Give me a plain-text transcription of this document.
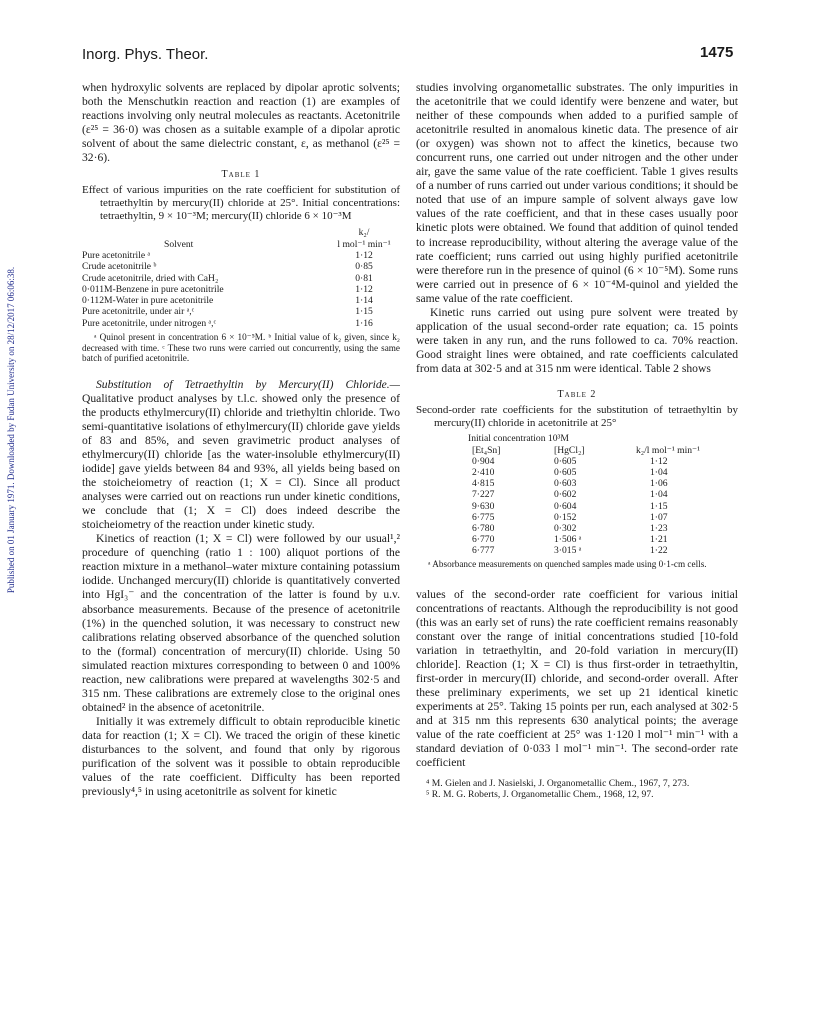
Published on 01 January 1971. Downloaded by Fudan University on 28/12/2017 06:06:38.
Inorg. Phys. Theor.	1475

when hydroxylic solvents are replaced by dipolar aprotic solvents; both the Menschutkin reaction and reaction (1) are examples of reactions involving only neutral molecules as reactants. Acetonitrile (ε²⁵ = 36·0) was chosen as a suitable example of a dipolar aprotic solvent of about the same dielectric constant, ε, as methanol (ε²⁵ = 32·6).

Table 1
Effect of various impurities on the rate coefficient for substitution of tetraethyltin by mercury(II) chloride at 25°. Initial concentrations: tetraethyltin, 9 × 10⁻³M; mercury(II) chloride 6 × 10⁻³M
	k₂/
Solvent	l mol⁻¹ min⁻¹
Pure acetonitrile ᵃ	1·12
Crude acetonitrile ᵇ	0·85
Crude acetonitrile, dried with CaH₂	0·81
0·011M-Benzene in pure acetonitrile	1·12
0·112M-Water in pure acetonitrile	1·14
Pure acetonitrile, under air ᵃ,ᶜ	1·15
Pure acetonitrile, under nitrogen ᵃ,ᶜ	1·16
ᵃ Quinol present in concentration 6 × 10⁻⁵M. ᵇ Initial value of k₂ given, since k₂ decreased with time. ᶜ These two runs were carried out concurrently, using the same batch of purified acetonitrile.

Substitution of Tetraethyltin by Mercury(II) Chloride.— Qualitative product analyses by t.l.c. showed only the presence of the products ethylmercury(II) chloride and triethyltin chloride. Two semi-quantitative isolations of ethylmercury(II) chloride gave yields of 83 and 85%, and seven gravimetric product analyses of ethylmercury(II) chloride [as the water-insoluble ethylmercury(II) iodide] gave yields between 84 and 93%, all yields being based on the stoicheiometry of reaction (1; X = Cl). Since all product analyses were carried out on reactions run under kinetic conditions, we conclude that (1; X = Cl) does indeed describe the stoicheiometry of the reaction under kinetic study.

Kinetics of reaction (1; X = Cl) were followed by our usual¹,² procedure of quenching (ratio 1 : 100) aliquot portions of the reaction mixture in a methanol–water mixture containing potassium iodide. Unchanged mercury(II) chloride is quantitatively converted into HgI₃⁻ and the concentration of the latter is found by u.v. absorbance measurements. Because of the presence of acetonitrile (1%) in the quenched solution, it was necessary to construct new calibrations relating observed absorbance of the quenched solution to the (formal) concentration of mercury(II) chloride. Using 50 simulated reaction mixtures corresponding to between 0 and 100% reaction, new calibrations were prepared at wavelengths 302·5 and 315 nm. These calibrations are extremely close to the original ones obtained² in the absence of acetonitrile.

Initially it was extremely difficult to obtain reproducible kinetic data for reaction (1; X = Cl). We traced the origin of these kinetic disturbances to the solvent, and found that only by rigorous purification of the solvent was it possible to obtain reproducible values of the rate coefficient. Difficulty has been reported previously⁴,⁵ in using acetonitrile as solvent for kinetic

studies involving organometallic substrates. The only impurities in the acetonitrile that we could identify were benzene and water, but neither of these compounds when added to a purified sample of acetonitrile resulted in anomalous kinetic data. The presence of air (or oxygen) was shown not to affect the kinetics, because two concurrent runs, one carried out under nitrogen and the other under air, gave the same value of the rate coefficient. Table 1 gives results of a number of runs carried out under various conditions; it should be noted that use of an impure sample of solvent always gave low values of the rate coefficient, and that in these cases usually poor kinetic plots were obtained. We found that addition of quinol tended to increase reproducibility, without altering the average value of the rate coefficient; runs carried out using highly purified acetonitrile were therefore run in the presence of quinol (6 × 10⁻⁵M). Some runs were carried out in presence of 6 × 10⁻⁴M-quinol and yielded the same value of the rate coefficient.

Kinetic runs carried out using pure solvent were treated by application of the usual second-order rate equation; ca. 15 points were taken in any run, and the runs followed to ca. 70% reaction. Good straight lines were obtained, and rate coefficients calculated from data at 302·5 and at 315 nm were identical. Table 2 shows

Table 2
Second-order rate coefficients for the substitution of tetraethyltin by mercury(II) chloride in acetonitrile at 25°
Initial concentration 10³M
[Et₄Sn]	[HgCl₂]	k₂/l mol⁻¹ min⁻¹
0·904	0·605	1·12
2·410	0·605	1·04
4·815	0·603	1·06
7·227	0·602	1·04
9·630	0·604	1·15
6·775	0·152	1·07
6·780	0·302	1·23
6·770	1·506 ᵃ	1·21
6·777	3·015 ᵃ	1·22
ᵃ Absorbance measurements on quenched samples made using 0·1-cm cells.

values of the second-order rate coefficient for various initial concentrations of reactants. Although the reproducibility is not good (this was an early set of runs) the rate coefficient remains reasonably constant over the range of initial concentrations studied [10-fold variation in tetraethyltin, and 20-fold variation in mercury(II) chloride]. Reaction (1; X = Cl) is thus first-order in tetraethyltin, first-order in mercury(II) chloride, and second-order overall. After these preliminary experiments, we set up 21 identical kinetic experiments at 25°. Taking 15 points per run, each analysed at 302·5 and at 315 nm this represents 630 analytical points; the average value of the rate coefficient at 25° was 1·120 l mol⁻¹ min⁻¹ with a standard deviation of 0·033 l mol⁻¹ min⁻¹. The second-order rate coefficient

⁴ M. Gielen and J. Nasielski, J. Organometallic Chem., 1967, 7, 273.
⁵ R. M. G. Roberts, J. Organometallic Chem., 1968, 12, 97.
